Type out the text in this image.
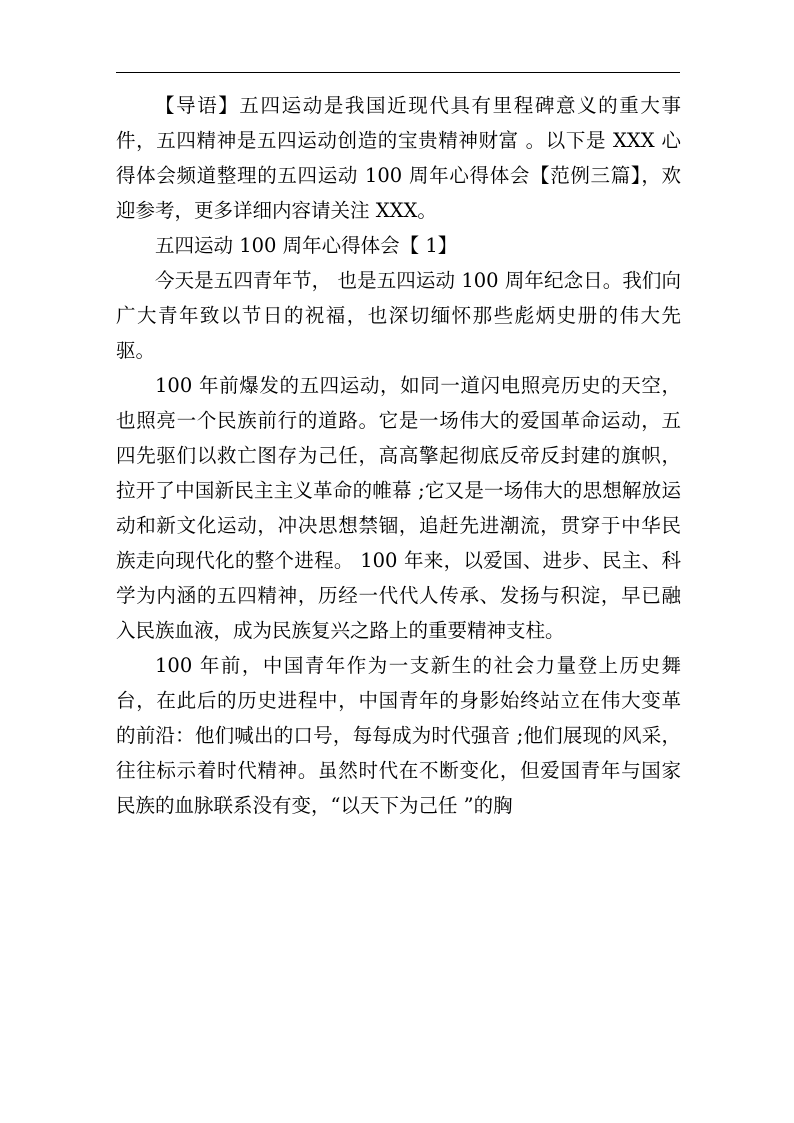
【导语】五四运动是我国近现代具有里程碑意义的重大事件，五四精神是五四运动创造的宝贵精神财富 。以下是 XXX 心得体会频道整理的五四运动 100 周年心得体会【范例三篇】，欢迎参考，更多详细内容请关注 XXX。

五四运动 100 周年心得体会【 1】

今天是五四青年节， 也是五四运动 100 周年纪念日。我们向广大青年致以节日的祝福，也深切缅怀那些彪炳史册的伟大先驱。

100 年前爆发的五四运动，如同一道闪电照亮历史的天空，也照亮一个民族前行的道路。它是一场伟大的爱国革命运动，五四先驱们以救亡图存为己任，高高擎起彻底反帝反封建的旗帜，拉开了中国新民主主义革命的帷幕 ;它又是一场伟大的思想解放运动和新文化运动，冲决思想禁锢，追赶先进潮流，贯穿于中华民族走向现代化的整个进程。 100 年来，以爱国、进步、民主、科学为内涵的五四精神，历经一代代人传承、发扬与积淀，早已融入民族血液，成为民族复兴之路上的重要精神支柱。

100 年前，中国青年作为一支新生的社会力量登上历史舞台，在此后的历史进程中，中国青年的身影始终站立在伟大变革的前沿：他们喊出的口号，每每成为时代强音 ;他们展现的风采，往往标示着时代精神。虽然时代在不断变化，但爱国青年与国家民族的血脉联系没有变，“以天下为己任 ”的胸
